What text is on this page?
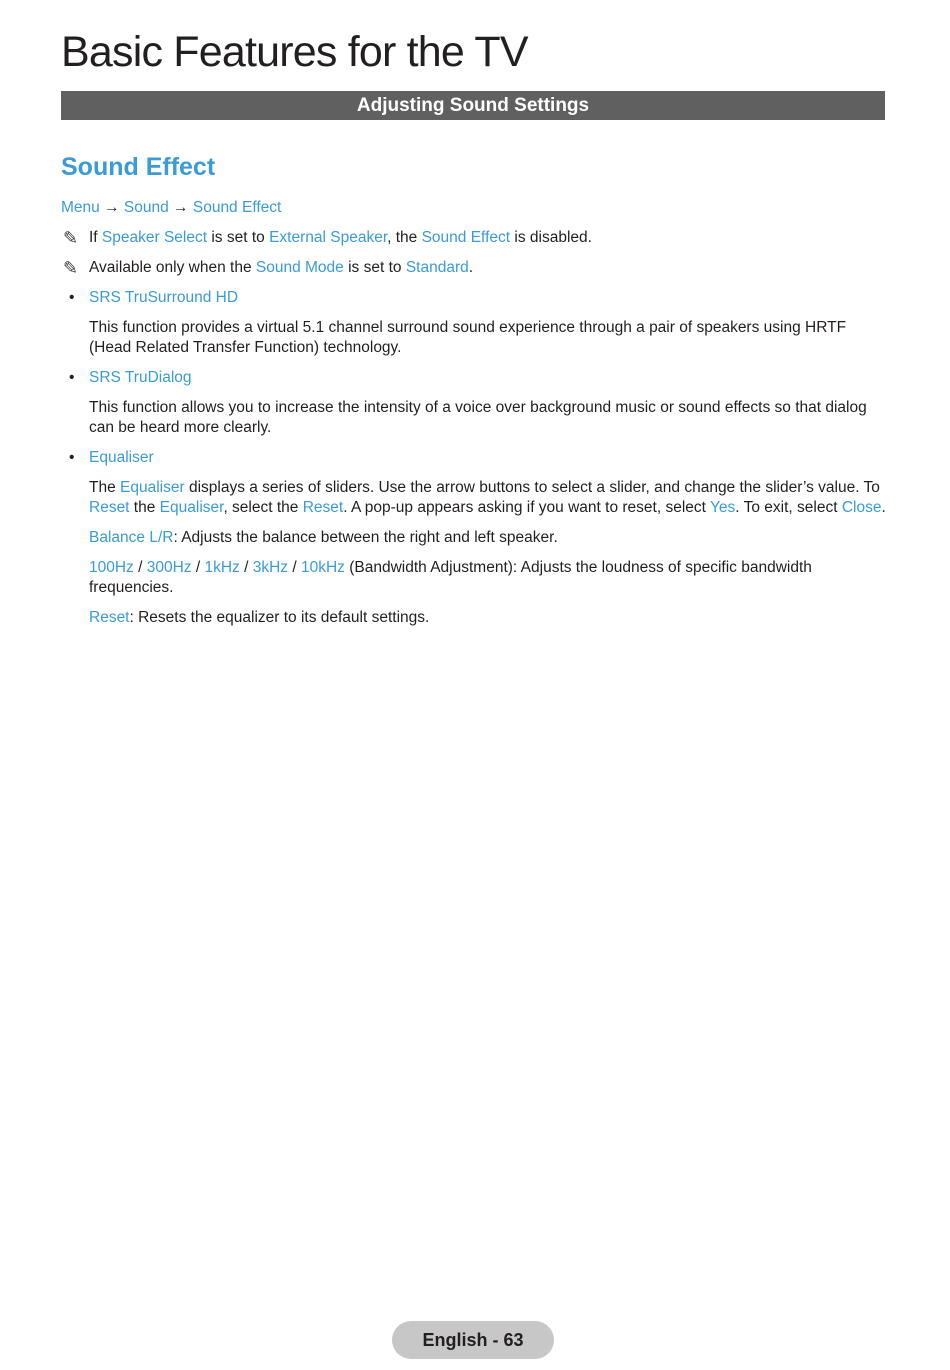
Basic Features for the TV
Adjusting Sound Settings
Sound Effect

Menu → Sound → Sound Effect

✎ If Speaker Select is set to External Speaker, the Sound Effect is disabled.

✎ Available only when the Sound Mode is set to Standard.

• SRS TruSurround HD

This function provides a virtual 5.1 channel surround sound experience through a pair of speakers using HRTF
(Head Related Transfer Function) technology.

• SRS TruDialog

This function allows you to increase the intensity of a voice over background music or sound effects so that dialog
can be heard more clearly.

• Equaliser

The Equaliser displays a series of sliders. Use the arrow buttons to select a slider, and change the slider’s value. To
Reset the Equaliser, select the Reset. A pop-up appears asking if you want to reset, select Yes. To exit, select Close.

Balance L/R: Adjusts the balance between the right and left speaker.

100Hz / 300Hz / 1kHz / 3kHz / 10kHz (Bandwidth Adjustment): Adjusts the loudness of specific bandwidth
frequencies.

Reset: Resets the equalizer to its default settings.

English - 63
